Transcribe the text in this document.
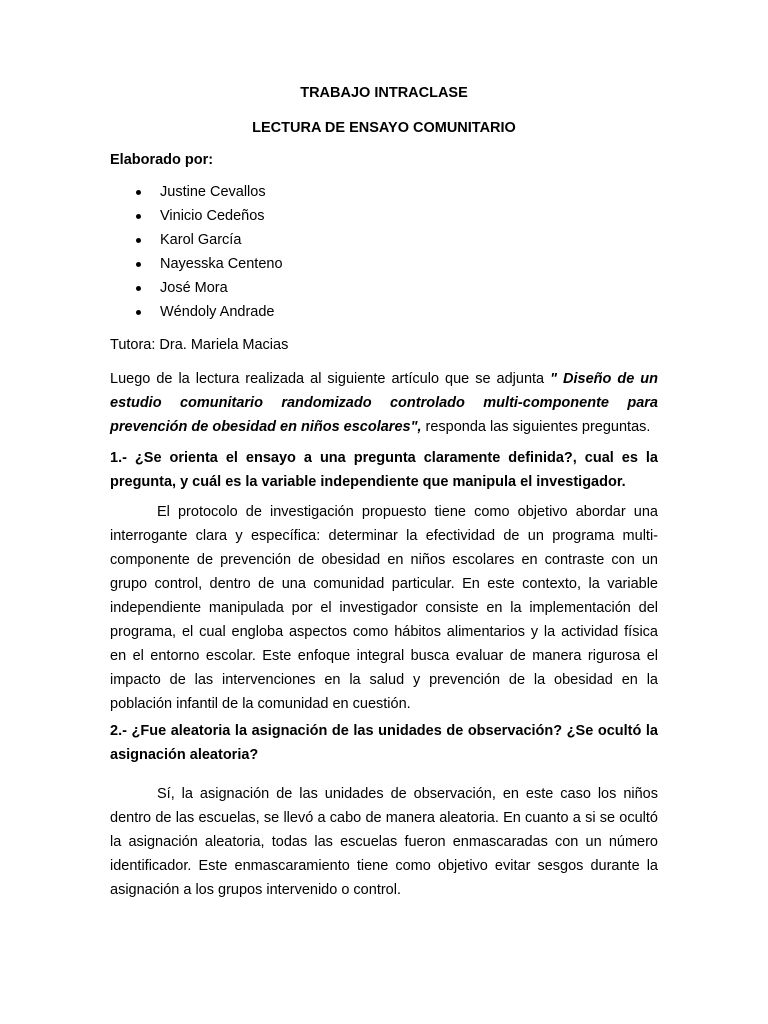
TRABAJO INTRACLASE
LECTURA DE ENSAYO COMUNITARIO
Elaborado por:
Justine Cevallos
Vinicio Cedeños
Karol García
Nayesska Centeno
José Mora
Wéndoly Andrade
Tutora: Dra. Mariela Macias

Luego de la lectura realizada al siguiente artículo que se adjunta " Diseño de un estudio comunitario randomizado controlado multi-componente para prevención de obesidad en niños escolares", responda las siguientes preguntas.

1.- ¿Se orienta el ensayo a una pregunta claramente definida?, cual es la pregunta, y cuál es la variable independiente que manipula el investigador.

El protocolo de investigación propuesto tiene como objetivo abordar una interrogante clara y específica: determinar la efectividad de un programa multi-componente de prevención de obesidad en niños escolares en contraste con un grupo control, dentro de una comunidad particular. En este contexto, la variable independiente manipulada por el investigador consiste en la implementación del programa, el cual engloba aspectos como hábitos alimentarios y la actividad física en el entorno escolar. Este enfoque integral busca evaluar de manera rigurosa el impacto de las intervenciones en la salud y prevención de la obesidad en la población infantil de la comunidad en cuestión.

2.- ¿Fue aleatoria la asignación de las unidades de observación? ¿Se ocultó la asignación aleatoria?

Sí, la asignación de las unidades de observación, en este caso los niños dentro de las escuelas, se llevó a cabo de manera aleatoria. En cuanto a si se ocultó la asignación aleatoria, todas las escuelas fueron enmascaradas con un número identificador. Este enmascaramiento tiene como objetivo evitar sesgos durante la asignación a los grupos intervenido o control.
